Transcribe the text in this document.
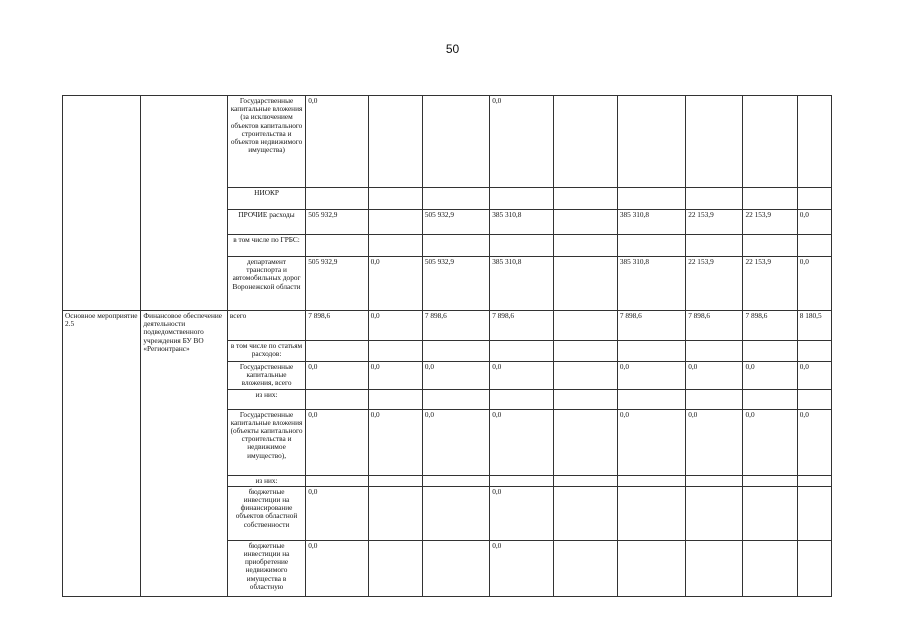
50
		Государственные капитальные вложения (за исключением объектов капитального строительства и объектов недвижимого имущества)	0,0			0,0					
		НИОКР									
		ПРОЧИЕ расходы	505 932,9		505 932,9	385 310,8		385 310,8	22 153,9	22 153,9	0,0
		в том числе по ГРБС:									
		департамент транспорта и автомобильных дорог Воронежской области	505 932,9	0,0	505 932,9	385 310,8		385 310,8	22 153,9	22 153,9	0,0
Основное мероприятие 2.5	Финансовое обеспечение деятельности подведомственного учреждения БУ ВО «Регионтранс»	всего	7 898,6	0,0	7 898,6	7 898,6		7 898,6	7 898,6	7 898,6	8 180,5
		в том числе по статьям расходов:									
		Государственные капитальные вложения, всего	0,0	0,0	0,0	0,0		0,0	0,0	0,0	0,0
		из них:									
		Государственные капитальные вложения (объекты капитального строительства и недвижимое имущество),	0,0	0,0	0,0	0,0		0,0	0,0	0,0	0,0
		из них:									
		бюджетные инвестиции на финансирование объектов областной собственности	0,0			0,0					
		бюджетные инвестиции на приобретение недвижимого имущества в областную	0,0			0,0					
